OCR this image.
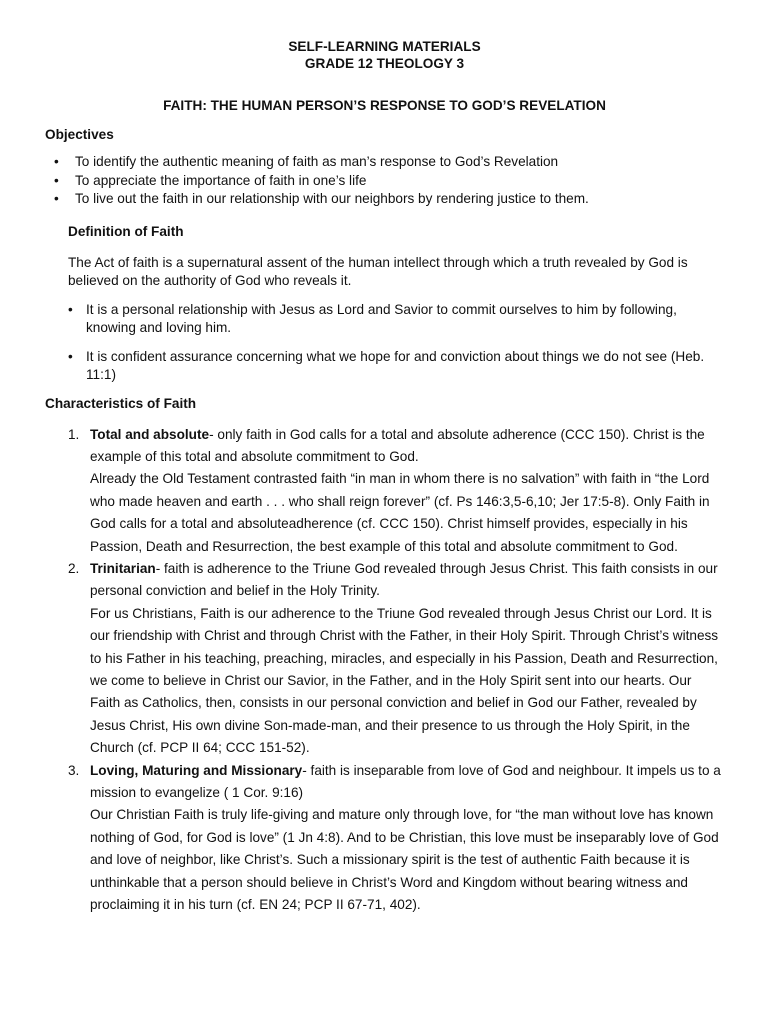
SELF-LEARNING MATERIALS
GRADE 12 THEOLOGY 3
FAITH: THE HUMAN PERSON’S RESPONSE TO GOD’S REVELATION
Objectives
To identify the authentic meaning of faith as man’s response to God’s Revelation
To appreciate the importance of faith in one’s life
To live out the faith in our relationship with our neighbors by rendering justice to them.
Definition of Faith
The Act of faith is a supernatural assent of the human intellect through which a truth revealed by God is believed on the authority of God who reveals it.
• It is a personal relationship with Jesus as Lord and Savior to commit ourselves to him by following, knowing and loving him.
• It is confident assurance concerning what we hope for and conviction about things we do not see (Heb. 11:1)
Characteristics of Faith
1. Total and absolute- only faith in God calls for a total and absolute adherence (CCC 150). Christ is the example of this total and absolute commitment to God.
Already the Old Testament contrasted faith “in man in whom there is no salvation” with faith in “the Lord who made heaven and earth . . . who shall reign forever” (cf. Ps 146:3,5-6,10; Jer 17:5-8). Only Faith in God calls for a total and absoluteadherence (cf. CCC 150). Christ himself provides, especially in his Passion, Death and Resurrection, the best example of this total and absolute commitment to God.
2. Trinitarian- faith is adherence to the Triune God revealed through Jesus Christ. This faith consists in our personal conviction and belief in the Holy Trinity.
For us Christians, Faith is our adherence to the Triune God revealed through Jesus Christ our Lord. It is our friendship with Christ and through Christ with the Father, in their Holy Spirit. Through Christ’s witness to his Father in his teaching, preaching, miracles, and especially in his Passion, Death and Resurrection, we come to believe in Christ our Savior, in the Father, and in the Holy Spirit sent into our hearts. Our Faith as Catholics, then, consists in our personal conviction and belief in God our Father, revealed by Jesus Christ, His own divine Son-made-man, and their presence to us through the Holy Spirit, in the Church (cf. PCP II 64; CCC 151-52).
3. Loving, Maturing and Missionary- faith is inseparable from love of God and neighbour. It impels us to a mission to evangelize ( 1 Cor. 9:16)
Our Christian Faith is truly life-giving and mature only through love, for “the man without love has known nothing of God, for God is love” (1 Jn 4:8). And to be Christian, this love must be inseparably love of God and love of neighbor, like Christ’s. Such a missionary spirit is the test of authentic Faith because it is unthinkable that a person should believe in Christ’s Word and Kingdom without bearing witness and proclaiming it in his turn (cf. EN 24; PCP II 67-71, 402).
